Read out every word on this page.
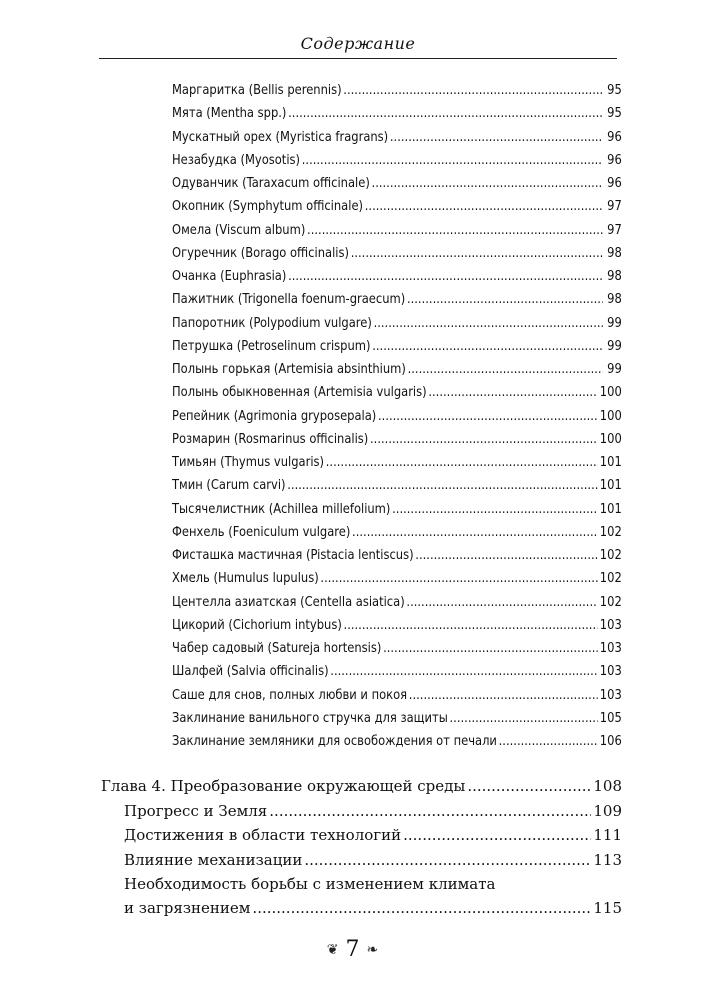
Содержание
Маргаритка (Bellis perennis) .....	95
Мята (Mentha spp.) .....	95
Мускатный орех (Myristica fragrans) .....	96
Незабудка (Myosotis) .....	96
Одуванчик (Taraxacum officinale) .....	96
Окопник (Symphytum officinale) .....	97
Омела (Viscum album) .....	97
Огуречник (Borago officinalis) .....	98
Очанка (Euphrasia) .....	98
Пажитник (Trigonella foenum-graecum) .....	98
Папоротник (Polypodium vulgare) .....	99
Петрушка (Petroselinum crispum) .....	99
Полынь горькая (Artemisia absinthium) .....	99
Полынь обыкновенная (Artemisia vulgaris) .....	100
Репейник (Agrimonia gryposepala) .....	100
Розмарин (Rosmarinus officinalis) .....	100
Тимьян (Thymus vulgaris) .....	101
Тмин (Carum carvi) .....	101
Тысячелистник (Achillea millefolium) .....	101
Фенхель (Foeniculum vulgare) .....	102
Фисташка мастичная (Pistacia lentiscus) .....	102
Хмель (Humulus lupulus) .....	102
Центелла азиатская (Centella asiatica) .....	102
Цикорий (Cichorium intybus) .....	103
Чабер садовый (Satureja hortensis) .....	103
Шалфей (Salvia officinalis) .....	103
Саше для снов, полных любви и покоя .....	103
Заклинание ванильного стручка для защиты .....	105
Заклинание земляники для освобождения от печали .....	106
Глава 4. Преобразование окружающей среды .....	108
Прогресс и Земля .....	109
Достижения в области технологий .....	111
Влияние механизации .....	113
Необходимость борьбы с изменением климата
и загрязнением .....	115
❦ 7 ❧
